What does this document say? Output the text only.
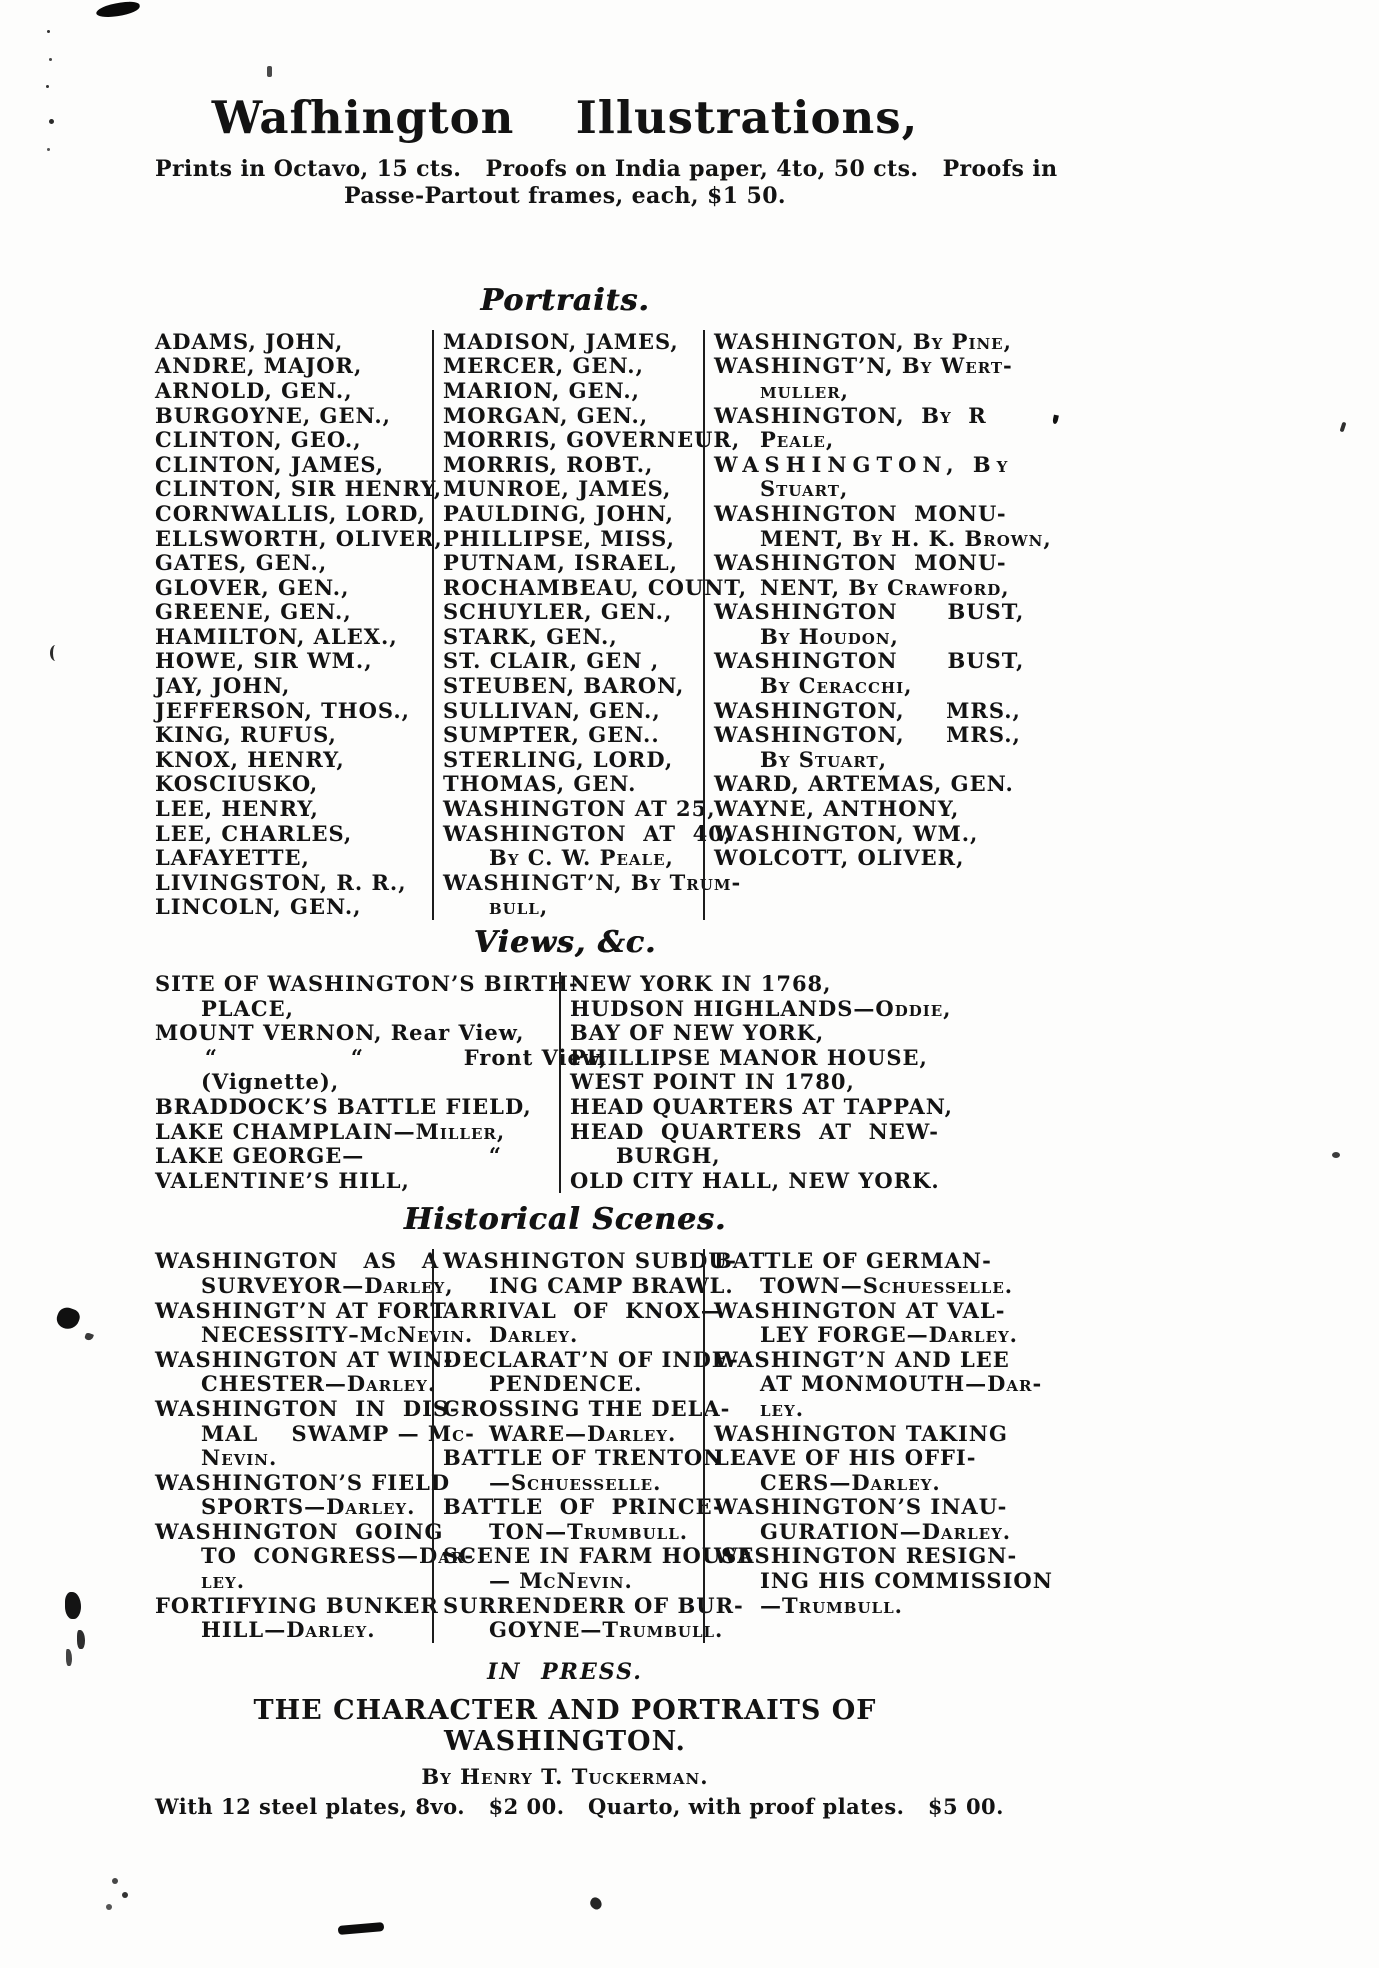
Waſhington  Illustrations,
Prints in Octavo, 15 cts.   Proofs on India paper, 4to, 50 cts.   Proofs in
Passe-Partout frames, each, $1 50.
Portraits.
ADAMS, JOHN,
ANDRE, MAJOR,
ARNOLD, GEN.,
BURGOYNE, GEN.,
CLINTON, GEO.,
CLINTON, JAMES,
CLINTON, SIR HENRY,
CORNWALLIS, LORD,
ELLSWORTH, OLIVER,
GATES, GEN.,
GLOVER, GEN.,
GREENE, GEN.,
HAMILTON, ALEX.,
HOWE, SIR WM.,
JAY, JOHN,
JEFFERSON, THOS.,
KING, RUFUS,
KNOX, HENRY,
KOSCIUSKO,
LEE, HENRY,
LEE, CHARLES,
LAFAYETTE,
LIVINGSTON, R. R.,
LINCOLN, GEN.,
MADISON, JAMES,
MERCER, GEN.,
MARION, GEN.,
MORGAN, GEN.,
MORRIS, GOVERNEUR,
MORRIS, ROBT.,
MUNROE, JAMES,
PAULDING, JOHN,
PHILLIPSE, MISS,
PUTNAM, ISRAEL,
ROCHAMBEAU, COUNT,
SCHUYLER, GEN.,
STARK, GEN.,
ST. CLAIR, GEN ,
STEUBEN, BARON,
SULLIVAN, GEN.,
SUMPTER, GEN..
STERLING, LORD,
THOMAS, GEN.
WASHINGTON AT 25,
WASHINGTON  AT  40,
By C. W. Peale,
WASHINGT’N, By Trum-
bull,
WASHINGTON, By Pine,
WASHINGT’N, By Wert-
muller,
WASHINGTON,  By  R
Peale,
WASHINGTON, By
Stuart,
WASHINGTON  MONU-
MENT, By H. K. Brown,
WASHINGTON  MONU-
NENT, By Crawford,
WASHINGTON      BUST,
By Houdon,
WASHINGTON      BUST,
By Ceracchi,
WASHINGTON,     MRS.,
WASHINGTON,     MRS.,
By Stuart,
WARD, ARTEMAS, GEN.
WAYNE, ANTHONY,
WASHINGTON, WM.,
WOLCOTT, OLIVER,
Views, &c.
SITE OF WASHINGTON’S BIRTH-
PLACE,
MOUNT VERNON, Rear View,
“                “            Front View,
(Vignette),
BRADDOCK’S BATTLE FIELD,
LAKE CHAMPLAIN—Miller,
LAKE GEORGE—               “
VALENTINE’S HILL,
NEW YORK IN 1768,
HUDSON HIGHLANDS—Oddie,
BAY OF NEW YORK,
PHILLIPSE MANOR HOUSE,
WEST POINT IN 1780,
HEAD QUARTERS AT TAPPAN,
HEAD  QUARTERS  AT  NEW-
BURGH,
OLD CITY HALL, NEW YORK.
Historical Scenes.
WASHINGTON   AS   A
SURVEYOR—Darley,
WASHINGT’N AT FORT
NECESSITY–McNevin.
WASHINGTON AT WIN-
CHESTER—Darley.
WASHINGTON  IN  DIS-
MAL    SWAMP — Mc-
Nevin.
WASHINGTON’S FIELD
SPORTS—Darley.
WASHINGTON  GOING
TO  CONGRESS—Dar-
ley.
FORTIFYING BUNKER
HILL—Darley.
WASHINGTON SUBDU-
ING CAMP BRAWL.
ARRIVAL  OF  KNOX—
Darley.
DECLARAT’N OF INDE-
PENDENCE.
CROSSING THE DELA-
WARE—Darley.
BATTLE OF TRENTON
—Schuesselle.
BATTLE  OF  PRINCE-
TON—Trumbull.
SCENE IN FARM HOUSE
— McNevin.
SURRENDERR OF BUR-
GOYNE—Trumbull.
BATTLE OF GERMAN-
TOWN—Schuesselle.
WASHINGTON AT VAL-
LEY FORGE—Darley.
WASHINGT’N AND LEE
AT MONMOUTH—Dar-
ley.
WASHINGTON TAKING
LEAVE OF HIS OFFI-
CERS—Darley.
WASHINGTON’S INAU-
GURATION—Darley.
WASHINGTON RESIGN-
ING HIS COMMISSION
—Trumbull.
IN PRESS.
THE CHARACTER AND PORTRAITS OF WASHINGTON.
By Henry T. Tuckerman.
With 12 steel plates, 8vo.   $2 00.   Quarto, with proof plates.   $5 00.
